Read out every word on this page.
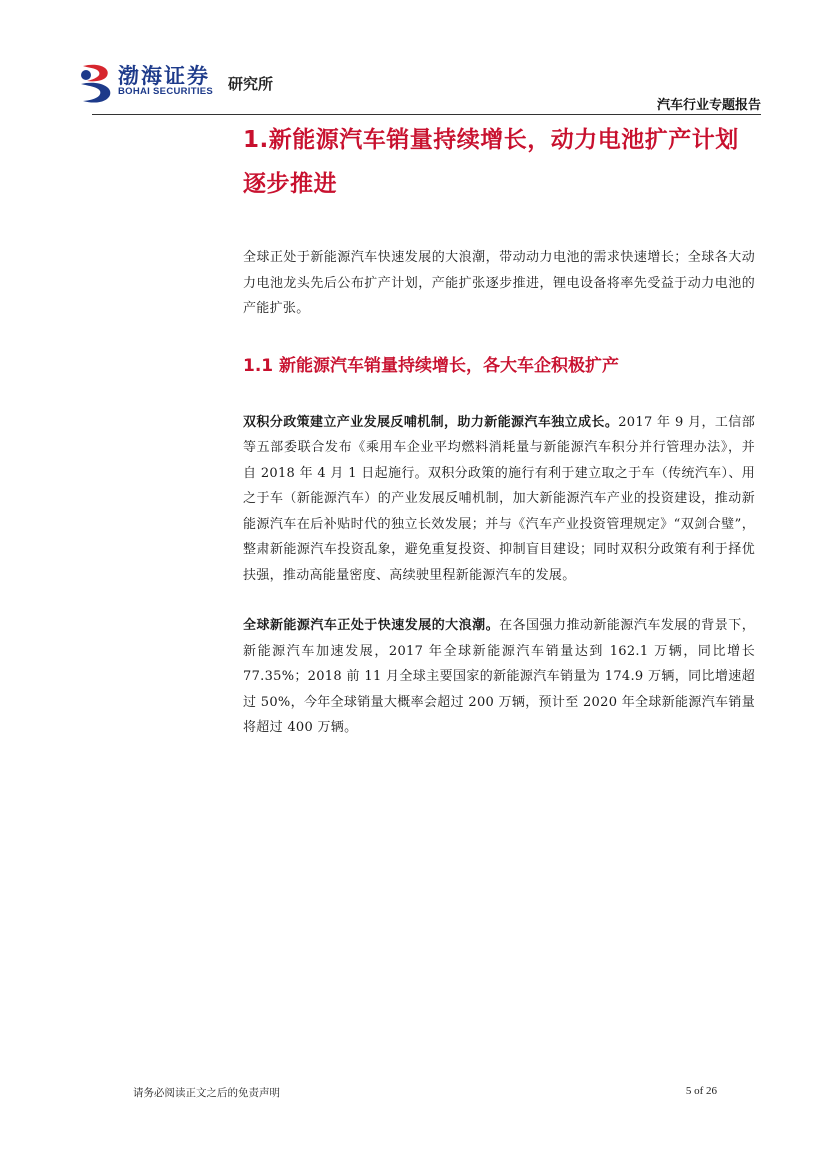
渤海证券
BOHAI SECURITIES 研究所
汽车行业专题报告
1.新能源汽车销量持续增长，动力电池扩产计划逐步推进

全球正处于新能源汽车快速发展的大浪潮，带动动力电池的需求快速增长；全球各大动力电池龙头先后公布扩产计划，产能扩张逐步推进，锂电设备将率先受益于动力电池的产能扩张。

1.1 新能源汽车销量持续增长，各大车企积极扩产

双积分政策建立产业发展反哺机制，助力新能源汽车独立成长。2017 年 9 月，工信部等五部委联合发布《乘用车企业平均燃料消耗量与新能源汽车积分并行管理办法》，并自 2018 年 4 月 1 日起施行。双积分政策的施行有利于建立取之于车（传统汽车）、用之于车（新能源汽车）的产业发展反哺机制，加大新能源汽车产业的投资建设，推动新能源汽车在后补贴时代的独立长效发展；并与《汽车产业投资管理规定》“双剑合璧”，整肃新能源汽车投资乱象，避免重复投资、抑制盲目建设；同时双积分政策有利于择优扶强，推动高能量密度、高续驶里程新能源汽车的发展。

全球新能源汽车正处于快速发展的大浪潮。在各国强力推动新能源汽车发展的背景下，新能源汽车加速发展，2017 年全球新能源汽车销量达到 162.1 万辆，同比增长 77.35%；2018 前 11 月全球主要国家的新能源汽车销量为 174.9 万辆，同比增速超过 50%，今年全球销量大概率会超过 200 万辆，预计至 2020 年全球新能源汽车销量将超过 400 万辆。

请务必阅读正文之后的免责声明	5 of 26
